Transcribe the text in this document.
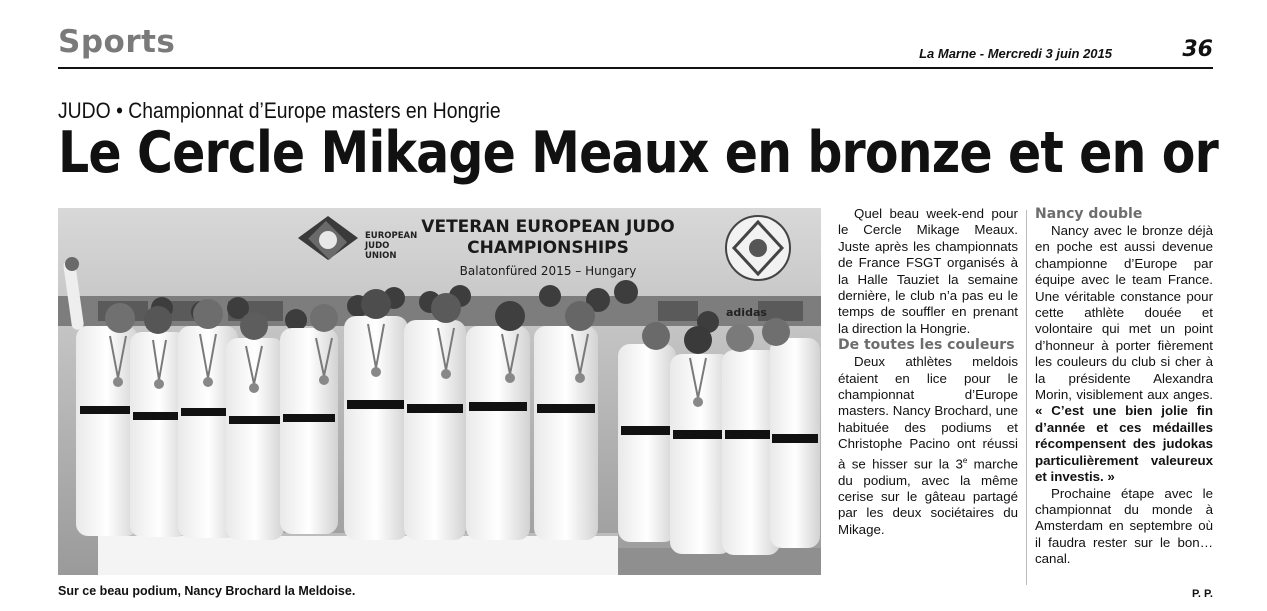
Sports	36
La Marne - Mercredi 3 juin 2015
JUDO • Championnat d’Europe masters en Hongrie
Le Cercle Mikage Meaux en bronze et en or
adidas
EUROPEAN
JUDO
UNION
VETERAN EUROPEAN JUDO
CHAMPIONSHIPS
Balatonfüred 2015 – Hungary
Sur ce beau podium, Nancy Brochard la Meldoise.

Quel beau week-end pour le Cercle Mikage Meaux. Juste après les championnats de France FSGT organisés à la Halle Tauziet la semaine dernière, le club n’a pas eu le temps de souffler en prenant la direction la Hongrie.

De toutes les couleurs

Deux athlètes meldois étaient en lice pour le championnat d’Europe masters. Nancy Brochard, une habituée des podiums et Christophe Pacino ont réussi à se hisser sur la 3e marche du podium, avec la même cerise sur le gâteau partagé par les deux sociétaires du Mikage.

Nancy double

Nancy avec le bronze déjà en poche est aussi devenue championne d’Europe par équipe avec le team France. Une véritable constance pour cette athlète douée et volontaire qui met un point d’honneur à porter fièrement les couleurs du club si cher à la présidente Alexandra Morin, visiblement aux anges. « C’est une bien jolie fin d’année et ces médailles récompensent des judokas particulièrement valeureux et investis. »

Prochaine étape avec le championnat du monde à Amsterdam en septembre où il faudra rester sur le bon… canal.

P. P.
